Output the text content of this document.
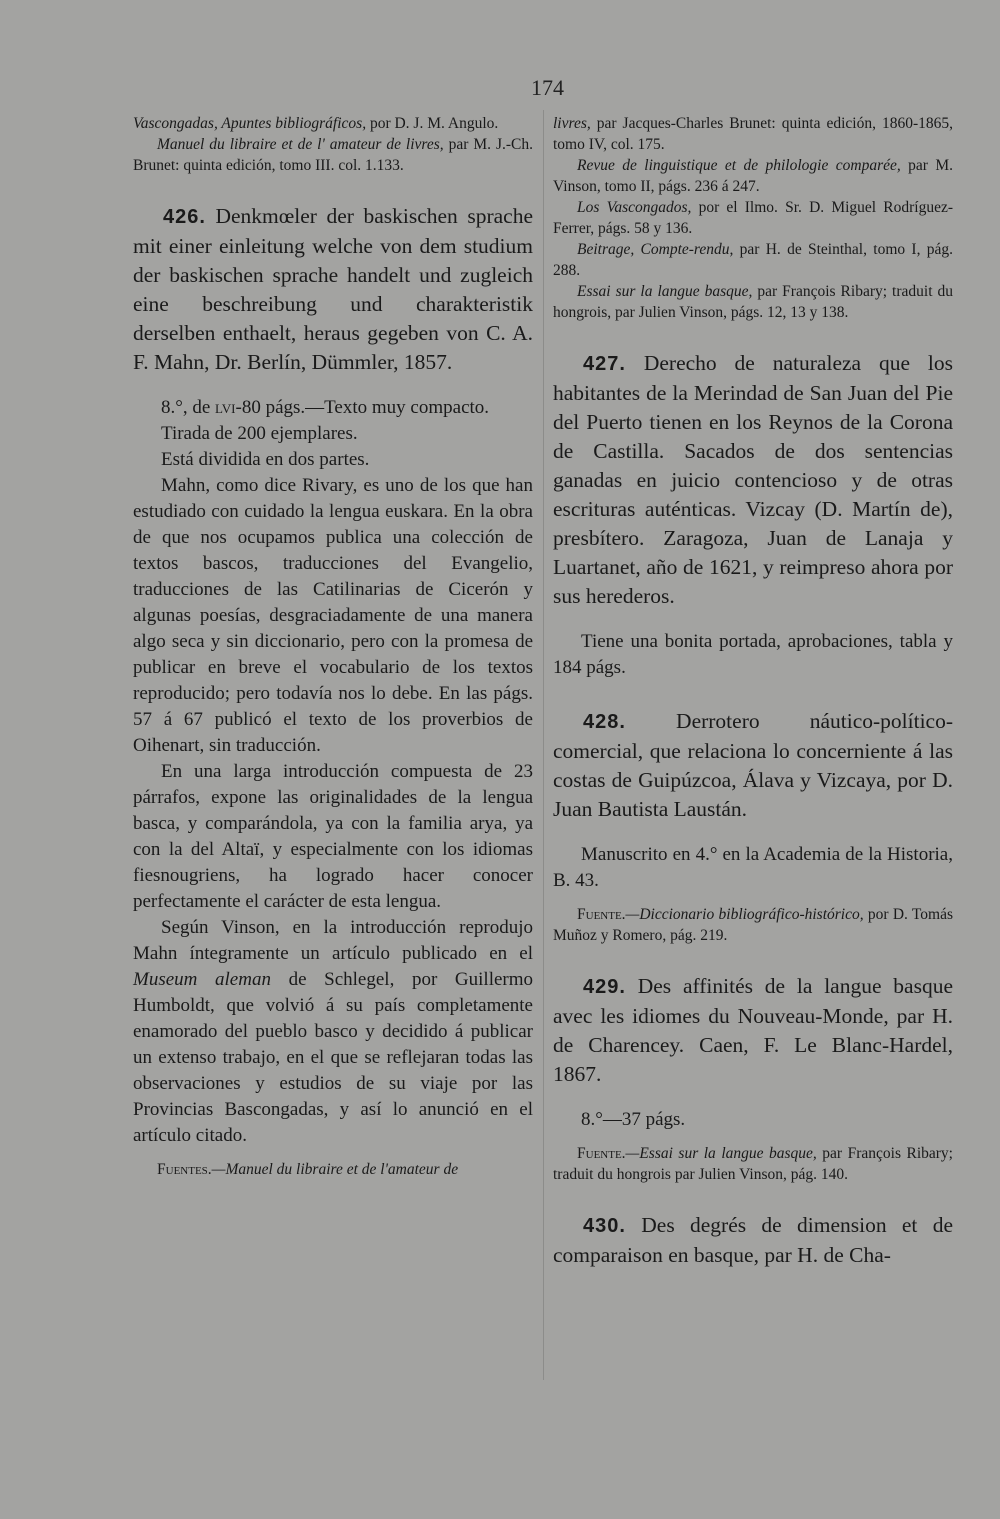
174

Vascongadas, Apuntes bibliográficos, por D. J. M. Angulo.

Manuel du libraire et de l' amateur de livres, par M. J.-Ch. Brunet: quinta edición, tomo III. col. 1.133.

426. Denkmœler der baskischen sprache mit einer einleitung welche von dem studium der baskischen sprache handelt und zugleich eine beschreibung und charakteristik derselben enthaelt, heraus gegeben von C. A. F. Mahn, Dr. Berlín, Dümmler, 1857.

8.°, de lvi-80 págs.—Texto muy compacto.

Tirada de 200 ejemplares.

Está dividida en dos partes.

Mahn, como dice Rivary, es uno de los que han estudiado con cuidado la lengua euskara. En la obra de que nos ocupamos publica una colección de textos bascos, traducciones del Evangelio, traducciones de las Catilinarias de Cicerón y algunas poesías, desgraciadamente de una manera algo seca y sin diccionario, pero con la promesa de publicar en breve el vocabulario de los textos reproducido; pero todavía nos lo debe. En las págs. 57 á 67 publicó el texto de los proverbios de Oihenart, sin traducción.

En una larga introducción compuesta de 23 párrafos, expone las originalidades de la lengua basca, y comparándola, ya con la familia arya, ya con la del Altaï, y especialmente con los idiomas fiesnougriens, ha logrado hacer conocer perfectamente el carácter de esta lengua.

Según Vinson, en la introducción reprodujo Mahn íntegramente un artículo publicado en el Museum aleman de Schlegel, por Guillermo Humboldt, que volvió á su país completamente enamorado del pueblo basco y decidido á publicar un extenso trabajo, en el que se reflejaran todas las observaciones y estudios de su viaje por las Provincias Bascongadas, y así lo anunció en el artículo citado.

Fuentes.—Manuel du libraire et de l'amateur de

livres, par Jacques-Charles Brunet: quinta edición, 1860-1865, tomo IV, col. 175.

Revue de linguistique et de philologie comparée, par M. Vinson, tomo II, págs. 236 á 247.

Los Vascongados, por el Ilmo. Sr. D. Miguel Rodríguez-Ferrer, págs. 58 y 136.

Beitrage, Compte-rendu, par H. de Steinthal, tomo I, pág. 288.

Essai sur la langue basque, par François Ribary; traduit du hongrois, par Julien Vinson, págs. 12, 13 y 138.

427. Derecho de naturaleza que los habitantes de la Merindad de San Juan del Pie del Puerto tienen en los Reynos de la Corona de Castilla. Sacados de dos sentencias ganadas en juicio contencioso y de otras escrituras auténticas. Vizcay (D. Martín de), presbítero. Zaragoza, Juan de Lanaja y Luartanet, año de 1621, y reimpreso ahora por sus herederos.

Tiene una bonita portada, aprobaciones, tabla y 184 págs.

428. Derrotero náutico-político-comercial, que relaciona lo concerniente á las costas de Guipúzcoa, Álava y Vizcaya, por D. Juan Bautista Laustán.

Manuscrito en 4.° en la Academia de la Historia, B. 43.

Fuente.—Diccionario bibliográfico-histórico, por D. Tomás Muñoz y Romero, pág. 219.

429. Des affinités de la langue basque avec les idiomes du Nouveau-Monde, par H. de Charencey. Caen, F. Le Blanc-Hardel, 1867.

8.°—37 págs.

Fuente.—Essai sur la langue basque, par François Ribary; traduit du hongrois par Julien Vinson, pág. 140.

430. Des degrés de dimension et de comparaison en basque, par H. de Cha-
